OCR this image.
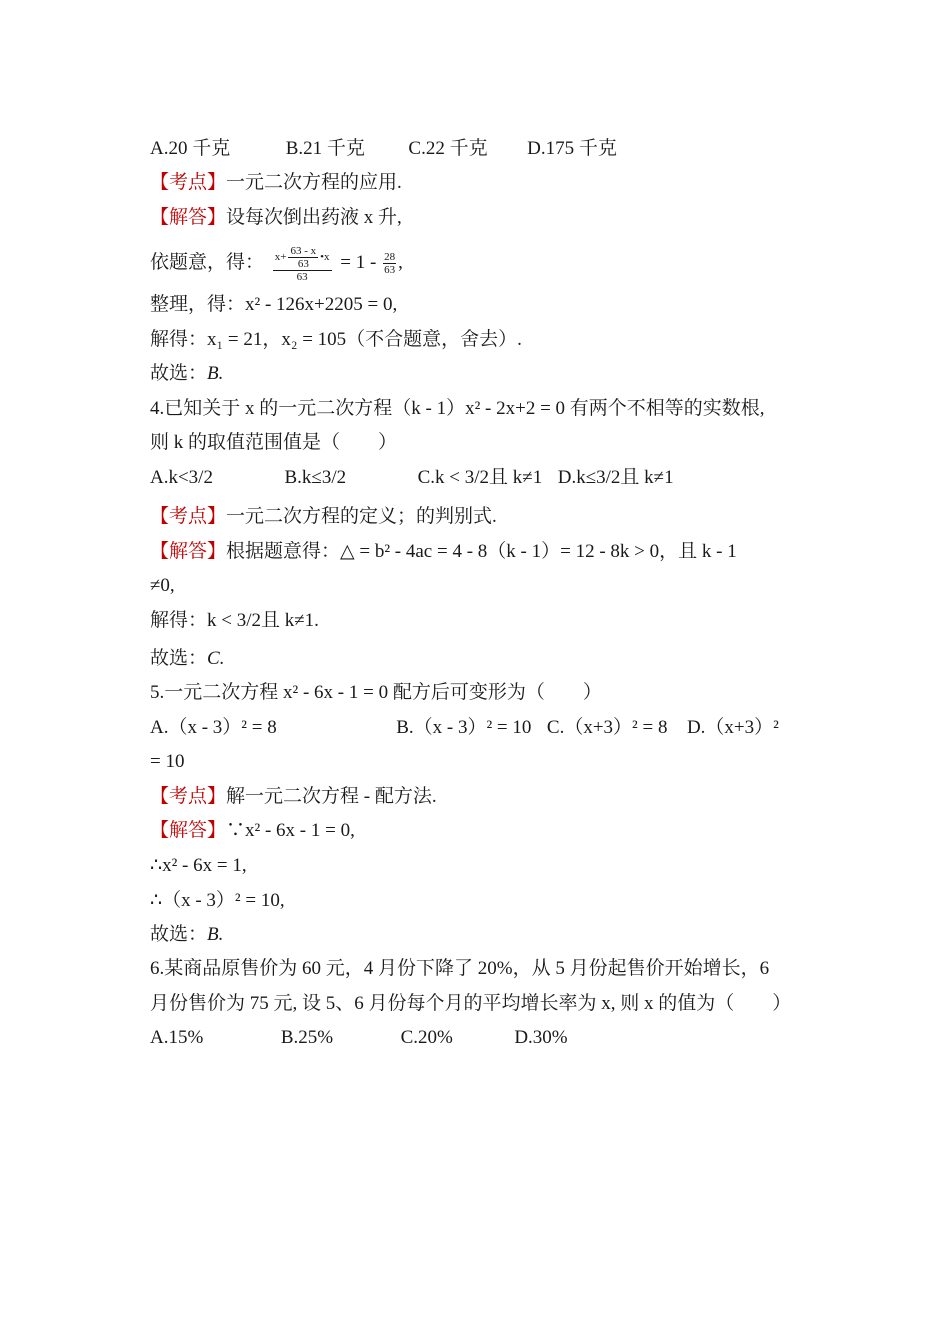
A.20 千克	B.21 千克 C.22 千克 D.175 千克
【考点】一元二次方程的应用.
【解答】设每次倒出药液 x 升,
依题意，得： $\frac{x+ \frac{63 - x}{63} •x}{63} = 1 - \frac{28}{63}$ ,
整理，得：x² - 126x+2205 = 0,
解得：x₁ = 21，x₂ = 105（不合题意，舍去）.
故选：B.
4.已知关于 x 的一元二次方程（k - 1）x² - 2x+2 = 0 有两个不相等的实数根,
则 k 的取值范围值是（　　）
A.k<3/2	B.k≤3/2	C.k < 3/2且 k≠1 D.k≤3/2且 k≠1
【考点】一元二次方程的定义；的判别式.
【解答】根据题意得：△ = b² - 4ac = 4 - 8（k - 1）= 12 - 8k > 0，且 k - 1
≠0,
解得：k < 3/2且 k≠1.
故选：C.
5.一元二次方程 x² - 6x - 1 = 0 配方后可变形为（　　）
A.（x - 3）² = 8	B.（x - 3）² = 10 C.（x+3）² = 8 D.（x+3）²
= 10
【考点】解一元二次方程 - 配方法.
【解答】∵x² - 6x - 1 = 0,
∴x² - 6x = 1,
∴（x - 3）² = 10,
故选：B.
6.某商品原售价为 60 元，4 月份下降了 20%，从 5 月份起售价开始增长，6
月份售价为 75 元, 设 5、6 月份每个月的平均增长率为 x, 则 x 的值为（　　）
A.15%	B.25%	C.20%	D.30%
